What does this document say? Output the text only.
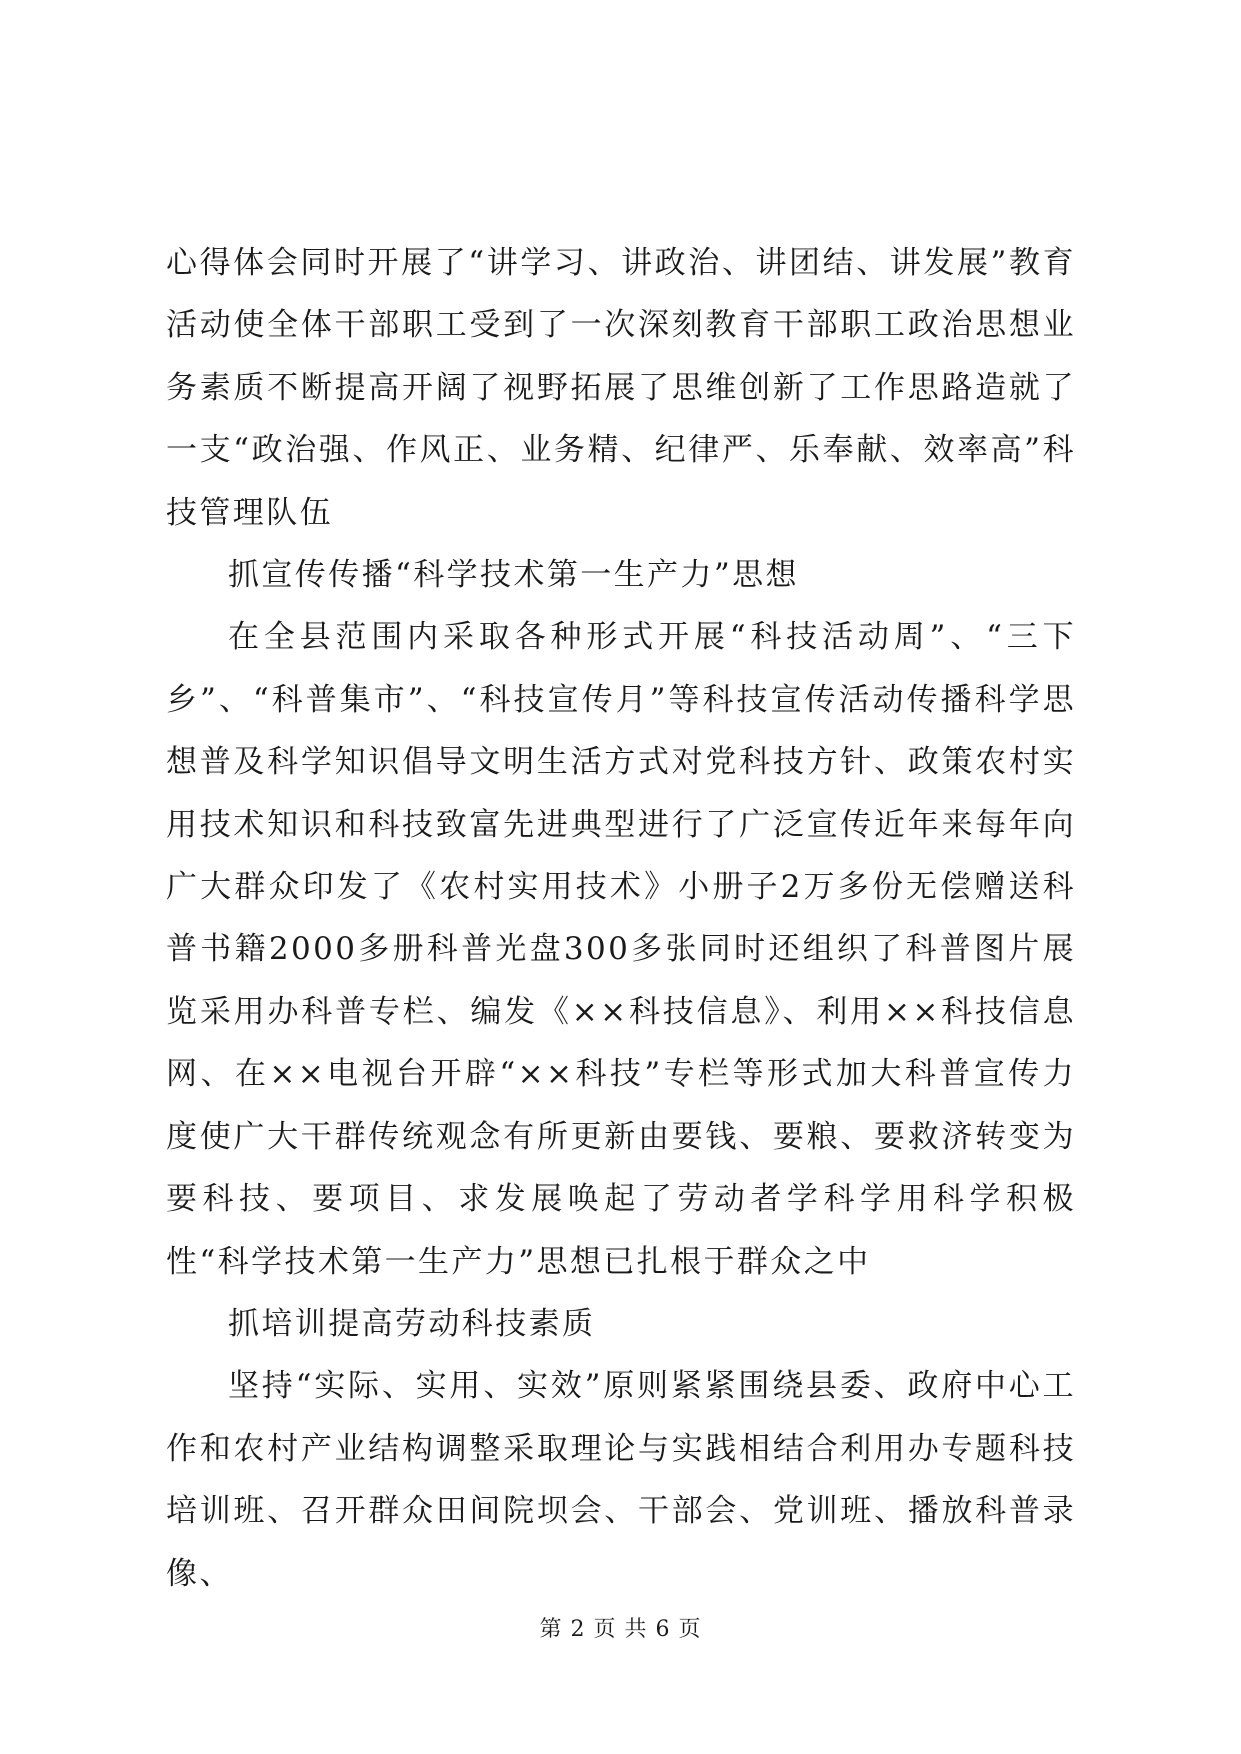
心得体会同时开展了“讲学习、讲政治、讲团结、讲发展”教育活动使全体干部职工受到了一次深刻教育干部职工政治思想业务素质不断提高开阔了视野拓展了思维创新了工作思路造就了一支“政治强、作风正、业务精、纪律严、乐奉献、效率高”科技管理队伍

抓宣传传播“科学技术第一生产力”思想

在全县范围内采取各种形式开展“科技活动周”、“三下乡”、“科普集市”、“科技宣传月”等科技宣传活动传播科学思想普及科学知识倡导文明生活方式对党科技方针、政策农村实用技术知识和科技致富先进典型进行了广泛宣传近年来每年向广大群众印发了《农村实用技术》小册子2万多份无偿赠送科普书籍2000多册科普光盘300多张同时还组织了科普图片展览采用办科普专栏、编发《××科技信息》、利用××科技信息网、在××电视台开辟“××科技”专栏等形式加大科普宣传力度使广大干群传统观念有所更新由要钱、要粮、要救济转变为要科技、要项目、求发展唤起了劳动者学科学用科学积极性“科学技术第一生产力”思想已扎根于群众之中

抓培训提高劳动科技素质

坚持“实际、实用、实效”原则紧紧围绕县委、政府中心工作和农村产业结构调整采取理论与实践相结合利用办专题科技培训班、召开群众田间院坝会、干部会、党训班、播放科普录像、

第 2 页 共 6 页
